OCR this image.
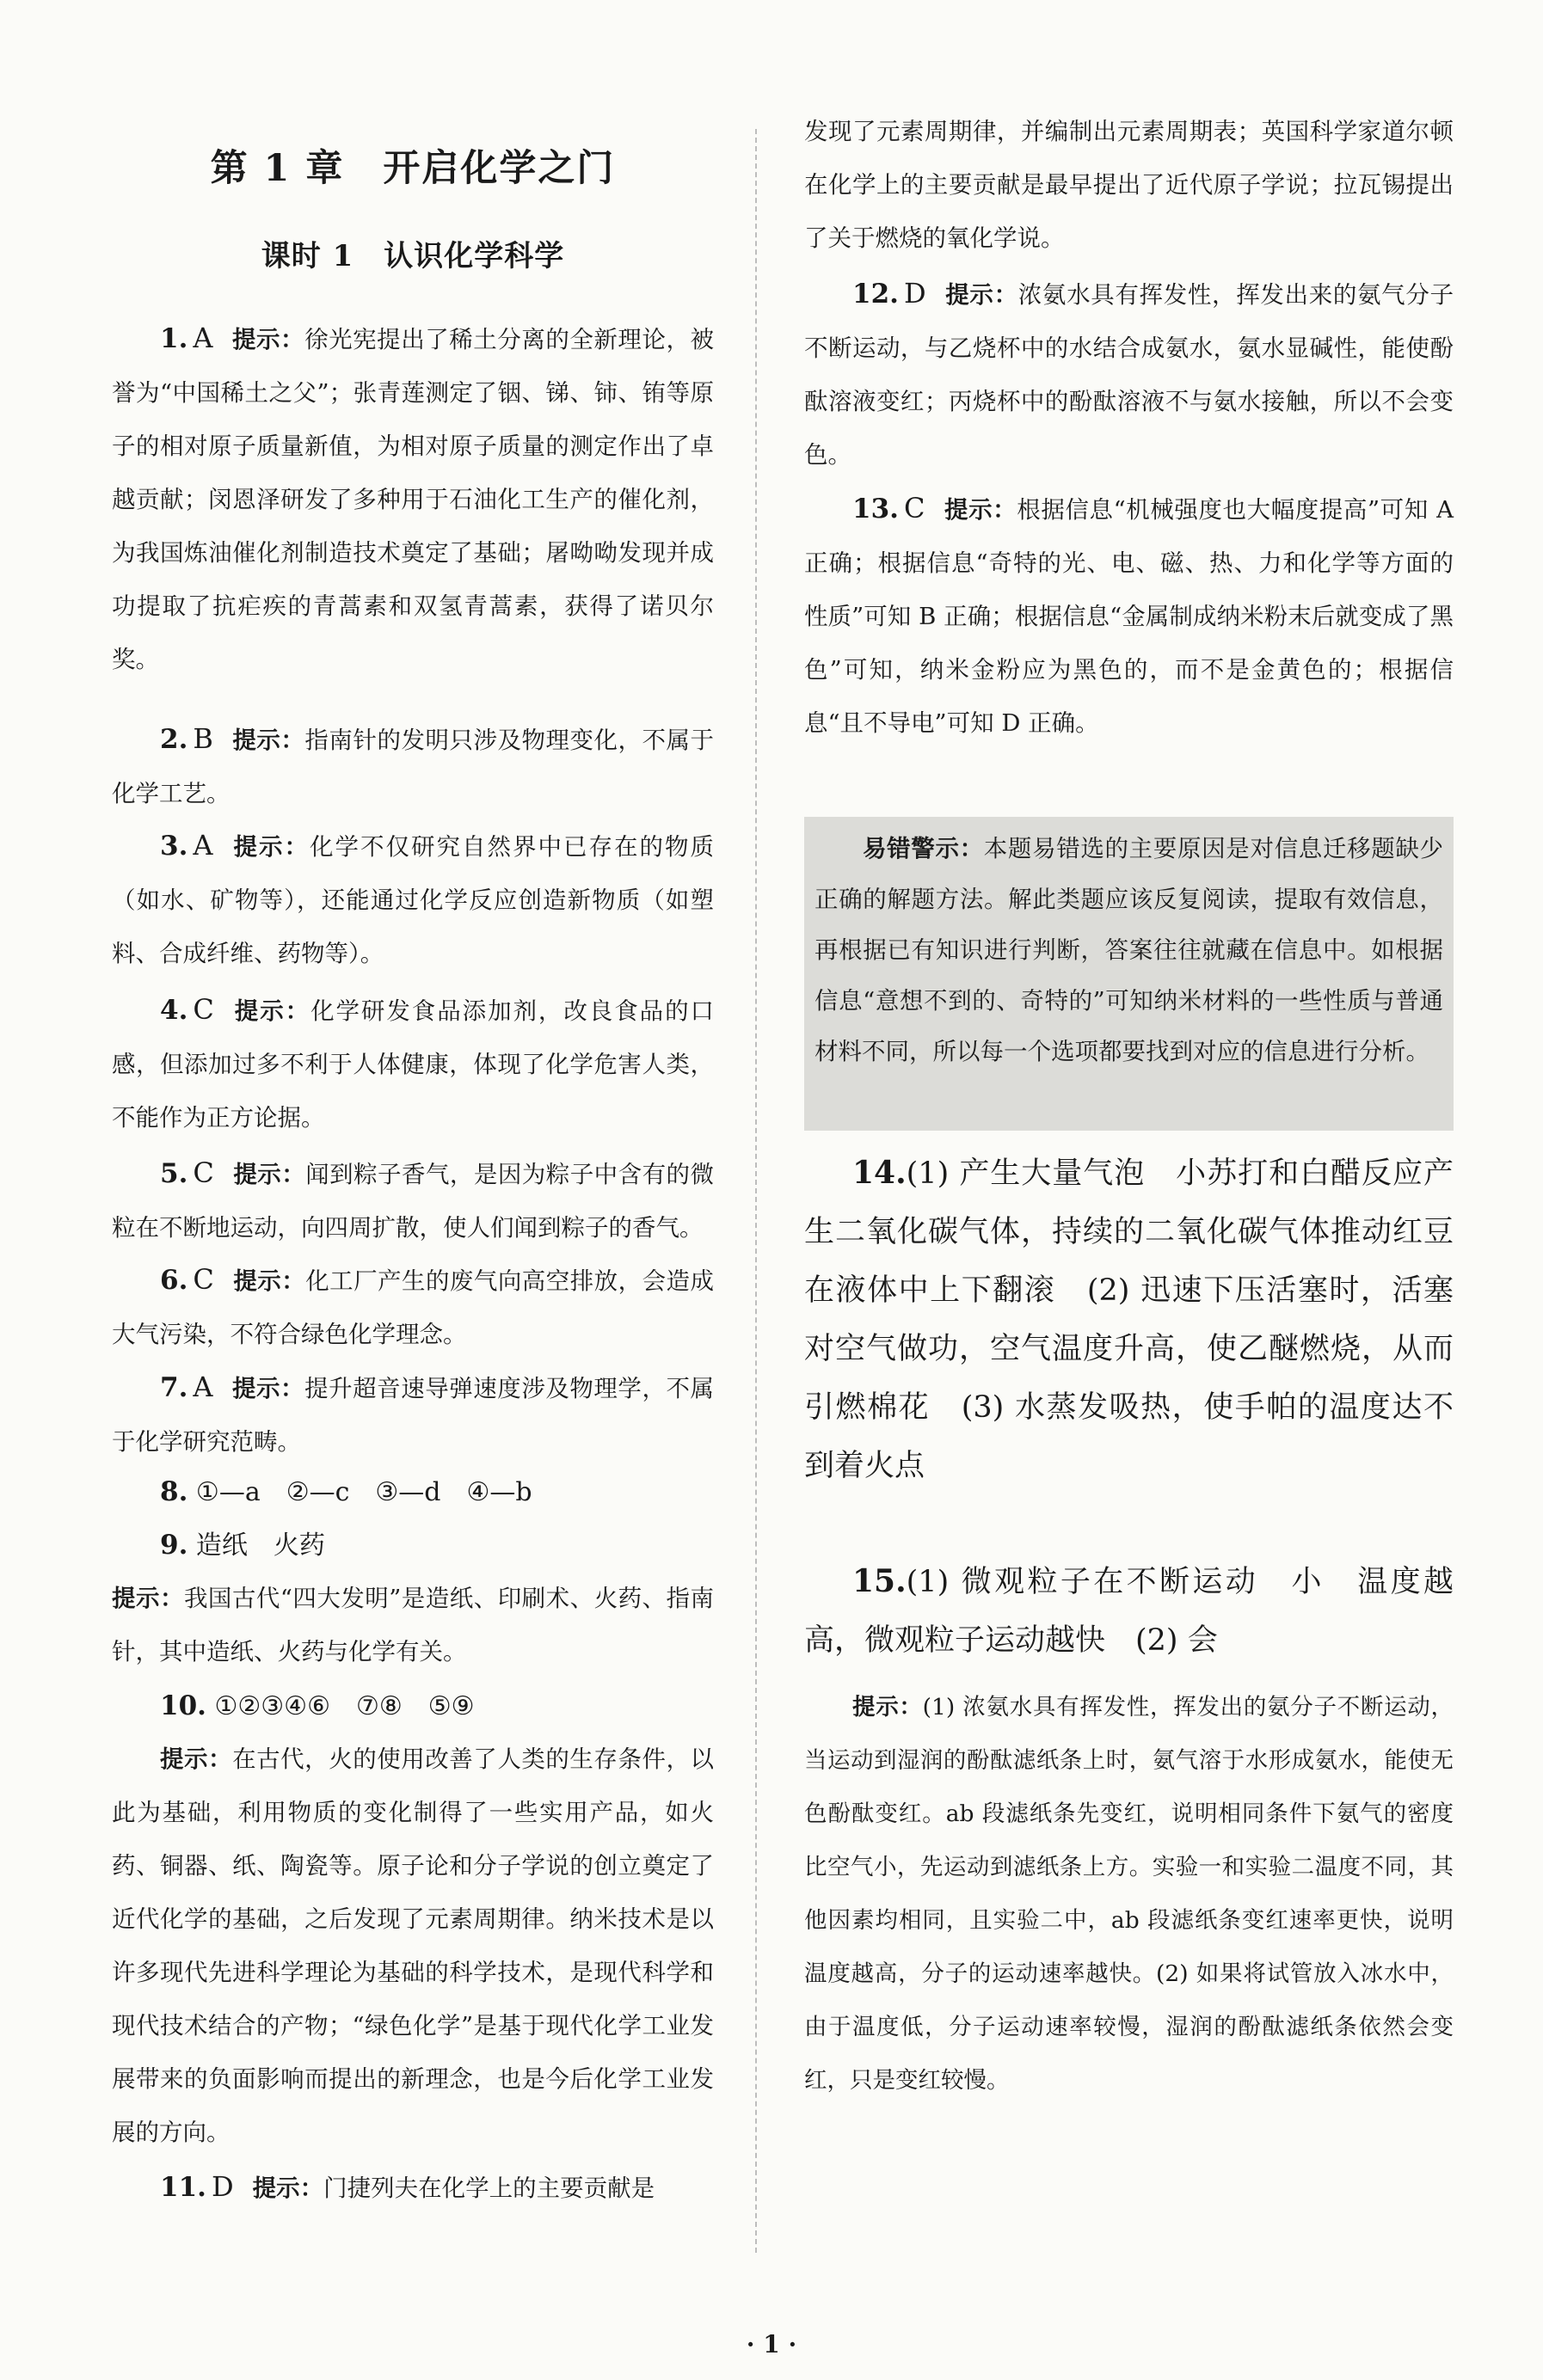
第 1 章　开启化学之门
课时 1　认识化学科学
1. A 提示：徐光宪提出了稀土分离的全新理论，被誉为“中国稀土之父”；张青莲测定了铟、锑、铈、铕等原子的相对原子质量新值，为相对原子质量的测定作出了卓越贡献；闵恩泽研发了多种用于石油化工生产的催化剂，为我国炼油催化剂制造技术奠定了基础；屠呦呦发现并成功提取了抗疟疾的青蒿素和双氢青蒿素，获得了诺贝尔奖。
2. B 提示：指南针的发明只涉及物理变化，不属于化学工艺。
3. A 提示：化学不仅研究自然界中已存在的物质（如水、矿物等），还能通过化学反应创造新物质（如塑料、合成纤维、药物等）。
4. C 提示：化学研发食品添加剂，改良食品的口感，但添加过多不利于人体健康，体现了化学危害人类，不能作为正方论据。
5. C 提示：闻到粽子香气，是因为粽子中含有的微粒在不断地运动，向四周扩散，使人们闻到粽子的香气。
6. C 提示：化工厂产生的废气向高空排放，会造成大气污染，不符合绿色化学理念。
7. A 提示：提升超音速导弹速度涉及物理学，不属于化学研究范畴。
8. ①—a　②—c　③—d　④—b
9. 造纸　火药
提示：我国古代“四大发明”是造纸、印刷术、火药、指南针，其中造纸、火药与化学有关。
10. ①②③④⑥　⑦⑧　⑤⑨
提示：在古代，火的使用改善了人类的生存条件，以此为基础，利用物质的变化制得了一些实用产品，如火药、铜器、纸、陶瓷等。原子论和分子学说的创立奠定了近代化学的基础，之后发现了元素周期律。纳米技术是以许多现代先进科学理论为基础的科学技术，是现代科学和现代技术结合的产物；“绿色化学”是基于现代化学工业发展带来的负面影响而提出的新理念，也是今后化学工业发展的方向。
11. D 提示：门捷列夫在化学上的主要贡献是
发现了元素周期律，并编制出元素周期表；英国科学家道尔顿在化学上的主要贡献是最早提出了近代原子学说；拉瓦锡提出了关于燃烧的氧化学说。
12. D 提示：浓氨水具有挥发性，挥发出来的氨气分子不断运动，与乙烧杯中的水结合成氨水，氨水显碱性，能使酚酞溶液变红；丙烧杯中的酚酞溶液不与氨水接触，所以不会变色。
13. C 提示：根据信息“机械强度也大幅度提高”可知 A 正确；根据信息“奇特的光、电、磁、热、力和化学等方面的性质”可知 B 正确；根据信息“金属制成纳米粉末后就变成了黑色”可知，纳米金粉应为黑色的，而不是金黄色的；根据信息“且不导电”可知 D 正确。
易错警示：本题易错选的主要原因是对信息迁移题缺少正确的解题方法。解此类题应该反复阅读，提取有效信息，再根据已有知识进行判断，答案往往就藏在信息中。如根据信息“意想不到的、奇特的”可知纳米材料的一些性质与普通材料不同，所以每一个选项都要找到对应的信息进行分析。
14.(1) 产生大量气泡　小苏打和白醋反应产生二氧化碳气体，持续的二氧化碳气体推动红豆在液体中上下翻滚　(2) 迅速下压活塞时，活塞对空气做功，空气温度升高，使乙醚燃烧，从而引燃棉花　(3) 水蒸发吸热，使手帕的温度达不到着火点
15.(1) 微观粒子在不断运动　小　温度越高，微观粒子运动越快　(2) 会
提示：(1) 浓氨水具有挥发性，挥发出的氨分子不断运动，当运动到湿润的酚酞滤纸条上时，氨气溶于水形成氨水，能使无色酚酞变红。ab 段滤纸条先变红，说明相同条件下氨气的密度比空气小，先运动到滤纸条上方。实验一和实验二温度不同，其他因素均相同，且实验二中，ab 段滤纸条变红速率更快，说明温度越高，分子的运动速率越快。(2) 如果将试管放入冰水中，由于温度低，分子运动速率较慢，湿润的酚酞滤纸条依然会变红，只是变红较慢。
· 1 ·
